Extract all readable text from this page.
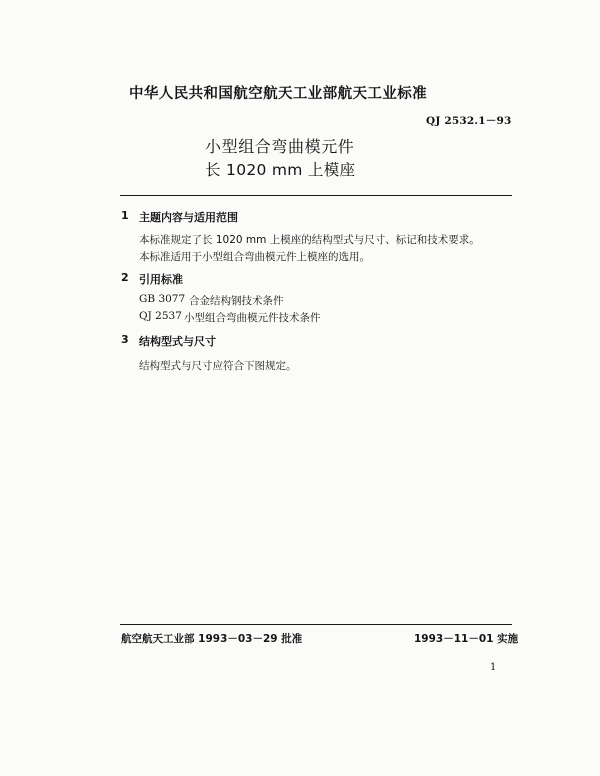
中华人民共和国航空航天工业部航天工业标准
QJ 2532.1－93
小型组合弯曲模元件
长 1020 mm 上模座
1 主题内容与适用范围
本标准规定了长 1020 mm 上模座的结构型式与尺寸、标记和技术要求。
本标准适用于小型组合弯曲模元件上模座的选用。
2 引用标准
GB 3077 合金结构钢技术条件
QJ 2537 小型组合弯曲模元件技术条件
3 结构型式与尺寸
结构型式与尺寸应符合下图规定。
航空航天工业部 1993－03－29 批准	1993－11－01 实施
1
